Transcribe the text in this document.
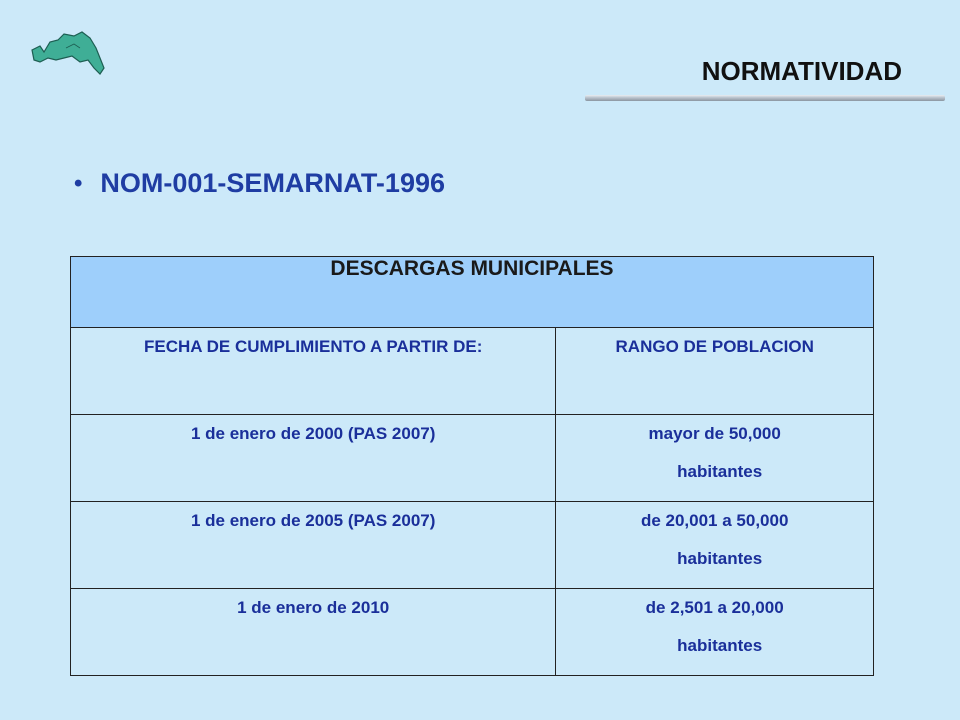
NORMATIVIDAD
• NOM-001-SEMARNAT-1996
DESCARGAS MUNICIPALES	
FECHA DE CUMPLIMIENTO A PARTIR DE:	RANGO DE POBLACION
1 de enero de 2000 (PAS 2007)	mayor de 50,000
habitantes

1 de enero de 2005 (PAS 2007)	de 20,001 a 50,000
habitantes

1 de enero de 2010	de 2,501 a 20,000
habitantes
